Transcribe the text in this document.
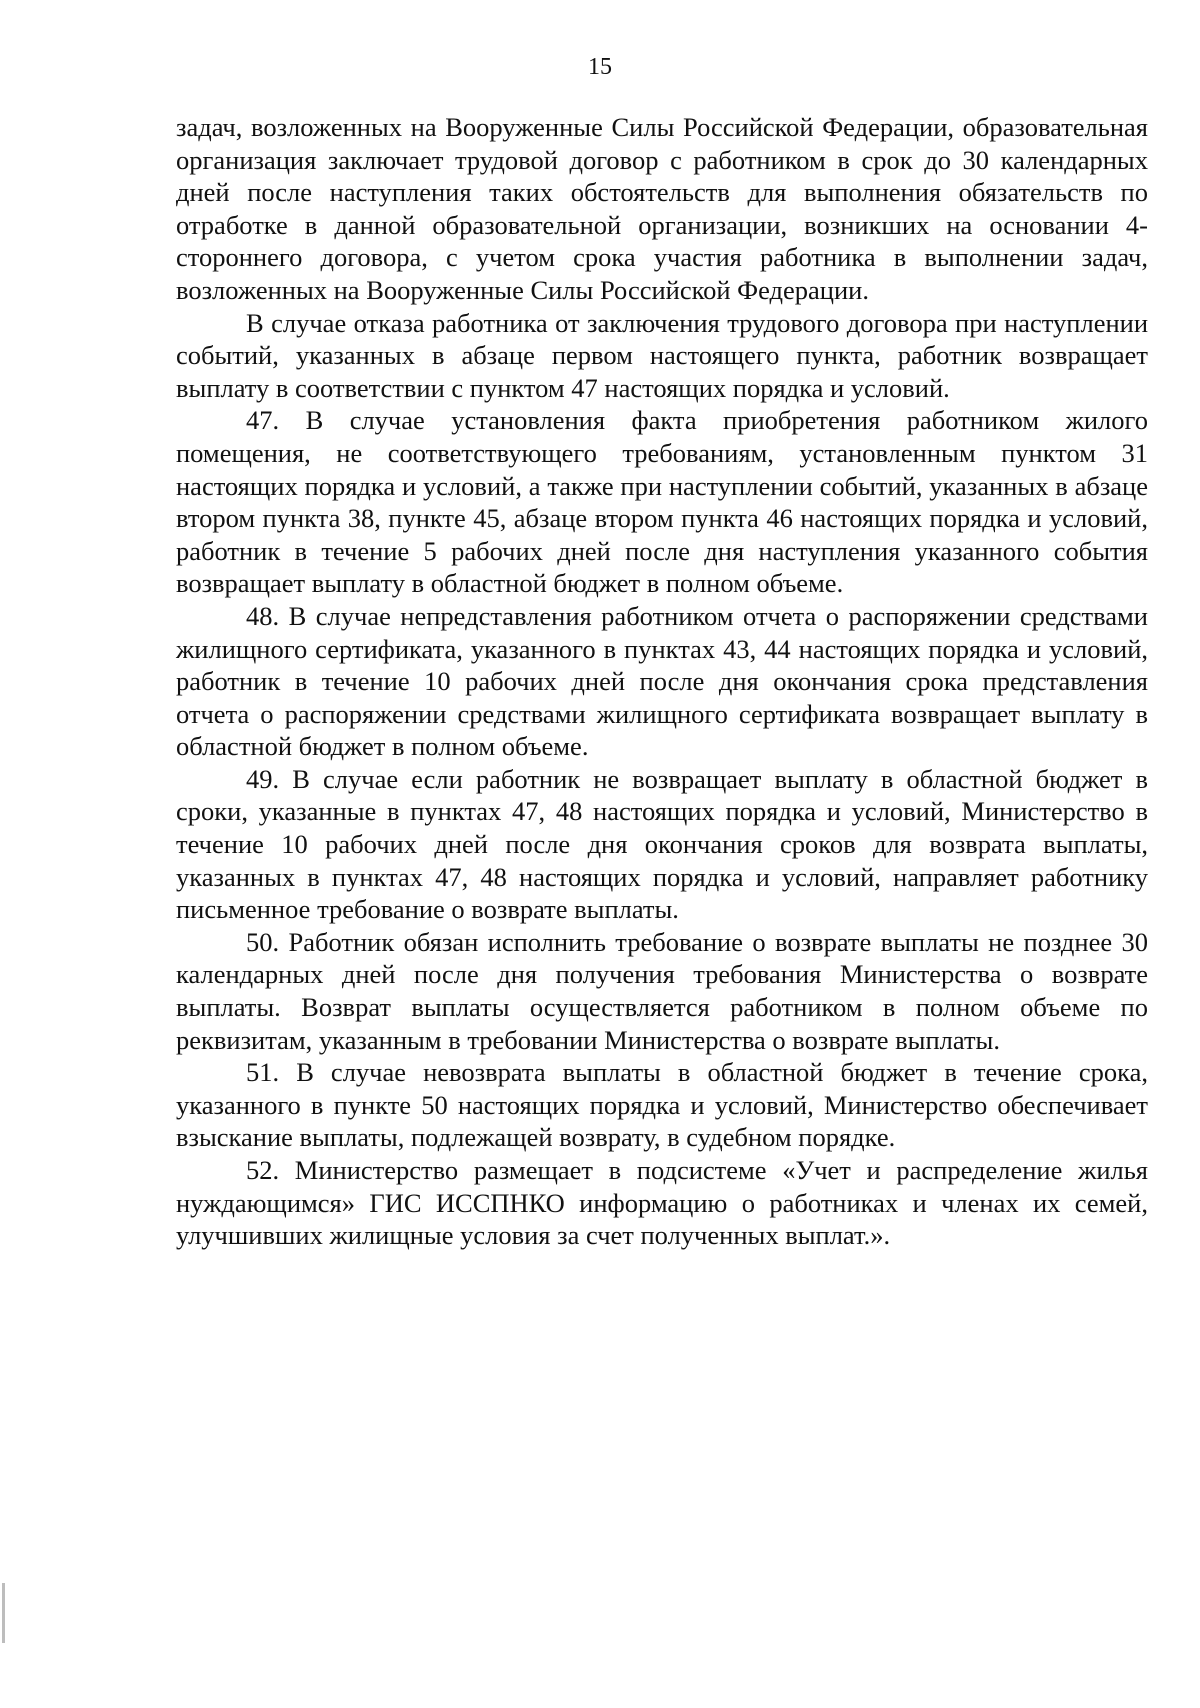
15

задач, возложенных на Вооруженные Силы Российской Федерации, образовательная организация заключает трудовой договор с работником в срок до 30 календарных дней после наступления таких обстоятельств для выполнения обязательств по отработке в данной образовательной организации, возникших на основании 4-стороннего договора, с учетом срока участия работника в выполнении задач, возложенных на Вооруженные Силы Российской Федерации.

В случае отказа работника от заключения трудового договора при наступлении событий, указанных в абзаце первом настоящего пункта, работник возвращает выплату в соответствии с пунктом 47 настоящих порядка и условий.

47. В случае установления факта приобретения работником жилого помещения, не соответствующего требованиям, установленным пунктом 31 настоящих порядка и условий, а также при наступлении событий, указанных в абзаце втором пункта 38, пункте 45, абзаце втором пункта 46 настоящих порядка и условий, работник в течение 5 рабочих дней после дня наступления указанного события возвращает выплату в областной бюджет в полном объеме.

48. В случае непредставления работником отчета о распоряжении средствами жилищного сертификата, указанного в пунктах 43, 44 настоящих порядка и условий, работник в течение 10 рабочих дней после дня окончания срока представления отчета о распоряжении средствами жилищного сертификата возвращает выплату в областной бюджет в полном объеме.

49. В случае если работник не возвращает выплату в областной бюджет в сроки, указанные в пунктах 47, 48 настоящих порядка и условий, Министерство в течение 10 рабочих дней после дня окончания сроков для возврата выплаты, указанных в пунктах 47, 48 настоящих порядка и условий, направляет работнику письменное требование о возврате выплаты.

50. Работник обязан исполнить требование о возврате выплаты не позднее 30 календарных дней после дня получения требования Министерства о возврате выплаты. Возврат выплаты осуществляется работником в полном объеме по реквизитам, указанным в требовании Министерства о возврате выплаты.

51. В случае невозврата выплаты в областной бюджет в течение срока, указанного в пункте 50 настоящих порядка и условий, Министерство обеспечивает взыскание выплаты, подлежащей возврату, в судебном порядке.

52. Министерство размещает в подсистеме «Учет и распределение жилья нуждающимся» ГИС ИССПНКО информацию о работниках и членах их семей, улучшивших жилищные условия за счет полученных выплат.».
